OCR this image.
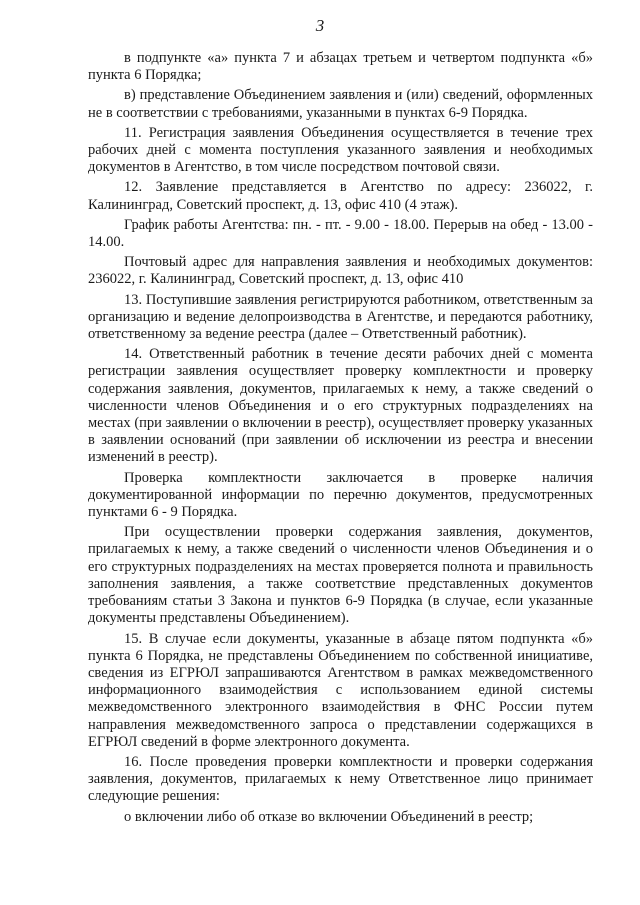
3

в подпункте «а» пункта 7 и абзацах третьем и четвертом подпункта «б» пункта 6 Порядка;

в) представление Объединением заявления и (или) сведений, оформленных не в соответствии с требованиями, указанными в пунктах 6-9 Порядка.

11. Регистрация заявления Объединения осуществляется в течение трех рабочих дней с момента поступления указанного заявления и необходимых документов в Агентство, в том числе посредством почтовой связи.

12. Заявление представляется в Агентство по адресу: 236022, г. Калининград, Советский проспект, д. 13, офис 410 (4 этаж).

График работы Агентства: пн. - пт. - 9.00 - 18.00. Перерыв на обед - 13.00 - 14.00.

Почтовый адрес для направления заявления и необходимых документов: 236022, г. Калининград, Советский проспект, д. 13, офис 410

13. Поступившие заявления регистрируются работником, ответственным за организацию и ведение делопроизводства в Агентстве, и передаются работнику, ответственному за ведение реестра (далее – Ответственный работник).

14. Ответственный работник в течение десяти рабочих дней с момента регистрации заявления осуществляет проверку комплектности и проверку содержания заявления, документов, прилагаемых к нему, а также сведений о численности членов Объединения и о его структурных подразделениях на местах (при заявлении о включении в реестр), осуществляет проверку указанных в заявлении оснований (при заявлении об исключении из реестра и внесении изменений в реестр).

Проверка комплектности заключается в проверке наличия документированной информации по перечню документов, предусмотренных пунктами 6 - 9 Порядка.

При осуществлении проверки содержания заявления, документов, прилагаемых к нему, а также сведений о численности членов Объединения и о его структурных подразделениях на местах проверяется полнота и правильность заполнения заявления, а также соответствие представленных документов требованиям статьи 3 Закона и пунктов 6-9 Порядка (в случае, если указанные документы представлены Объединением).

15. В случае если документы, указанные в абзаце пятом подпункта «б» пункта 6 Порядка, не представлены Объединением по собственной инициативе, сведения из ЕГРЮЛ запрашиваются Агентством в рамках межведомственного информационного взаимодействия с использованием единой системы межведомственного электронного взаимодействия в ФНС России путем направления межведомственного запроса о представлении содержащихся в ЕГРЮЛ сведений в форме электронного документа.

16. После проведения проверки комплектности и проверки содержания заявления, документов, прилагаемых к нему Ответственное лицо принимает следующие решения:

о включении либо об отказе во включении Объединений в реестр;
